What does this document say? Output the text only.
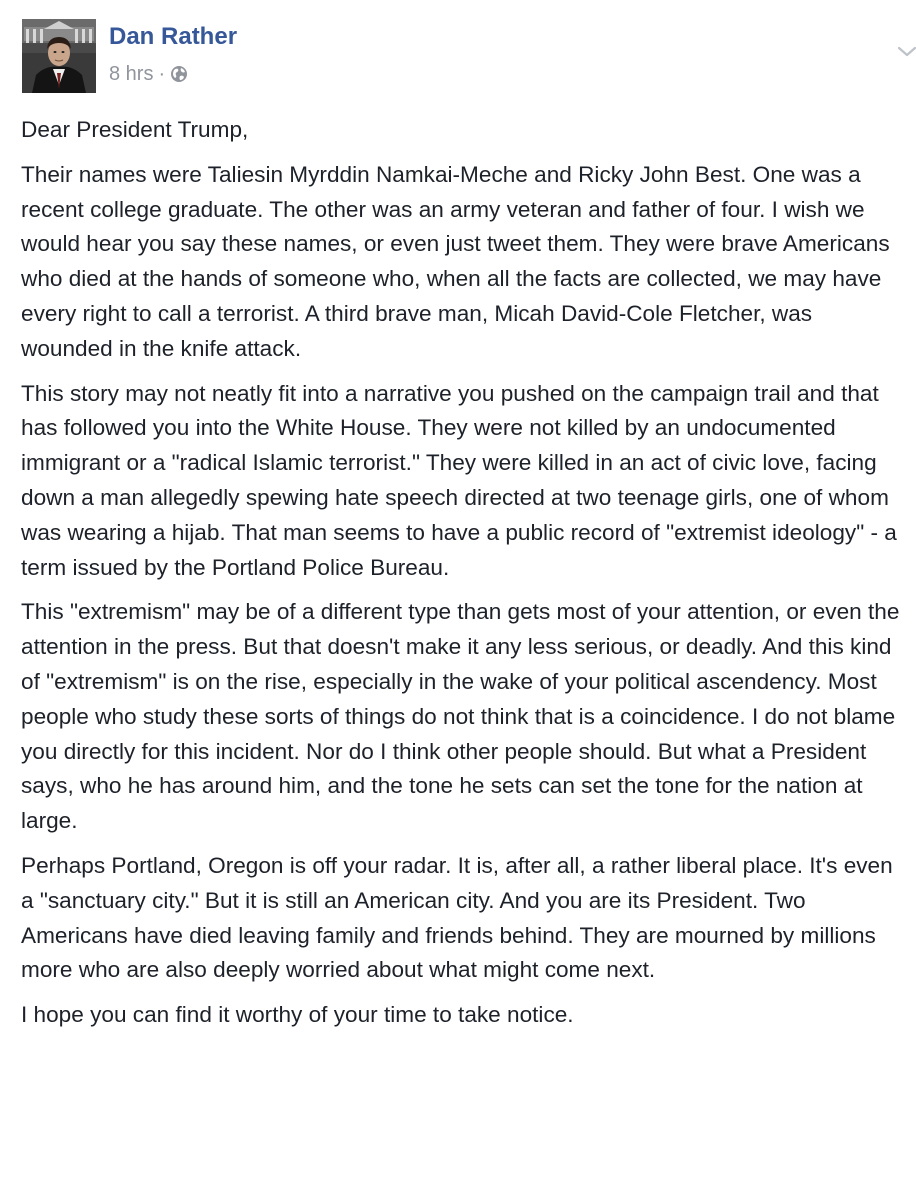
Dan Rather
8 hrs ·

Dear President Trump,

Their names were Taliesin Myrddin Namkai-Meche and Ricky John Best. One was a recent college graduate. The other was an army veteran and father of four. I wish we would hear you say these names, or even just tweet them. They were brave Americans who died at the hands of someone who, when all the facts are collected, we may have every right to call a terrorist. A third brave man, Micah David-Cole Fletcher, was wounded in the knife attack.

This story may not neatly fit into a narrative you pushed on the campaign trail and that has followed you into the White House. They were not killed by an undocumented immigrant or a "radical Islamic terrorist." They were killed in an act of civic love, facing down a man allegedly spewing hate speech directed at two teenage girls, one of whom was wearing a hijab. That man seems to have a public record of "extremist ideology" - a term issued by the Portland Police Bureau.

This "extremism" may be of a different type than gets most of your attention, or even the attention in the press. But that doesn't make it any less serious, or deadly. And this kind of "extremism" is on the rise, especially in the wake of your political ascendency. Most people who study these sorts of things do not think that is a coincidence. I do not blame you directly for this incident. Nor do I think other people should. But what a President says, who he has around him, and the tone he sets can set the tone for the nation at large.

Perhaps Portland, Oregon is off your radar. It is, after all, a rather liberal place. It's even a "sanctuary city." But it is still an American city. And you are its President. Two Americans have died leaving family and friends behind. They are mourned by millions more who are also deeply worried about what might come next.

I hope you can find it worthy of your time to take notice.
